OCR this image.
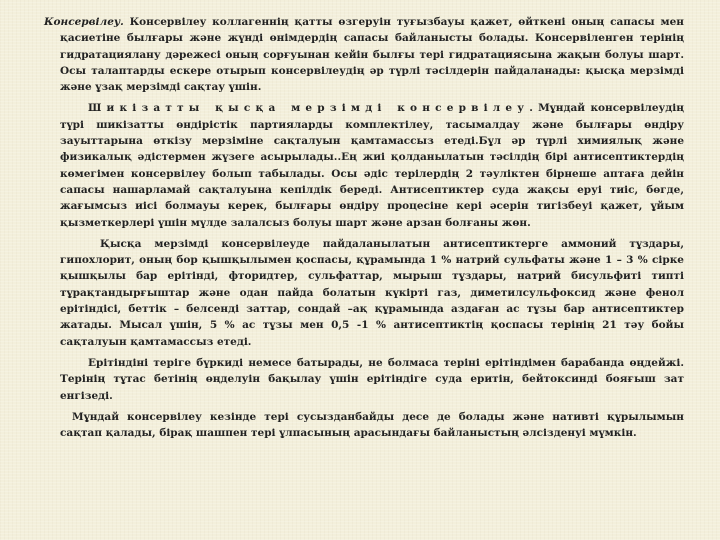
Консервілеу. Консервілеу коллагеннің қатты өзгеруін туғызбауы қажет, өйткені оның сапасы мен қасиетіне былғары және жүнді өнімдердің сапасы байланысты болады. Консервіленген терінің гидратациялану дәрежесі оның сорғуынан кейін былғы тері гидратациясына жақын болуы шарт. Осы талаптарды ескере отырып консервілеудің әр түрлі тәсілдерін пайдаланады: қысқа мерзімді және ұзақ мерзімді сақтау үшін.

Шикізатты қысқа мерзімді консервілеу.Мұндай консервілеудің түрі шикізатты өндірістік партияларды комплектілеу, тасымалдау және былғары өндіру зауыттарына өткізу мерзіміне сақталуын қамтамассыз етеді.Бұл әр түрлі химиялық және физикалық әдістермен жүзеге асырылады..Ең жиі қолданылатын тәсілдің бірі антисептиктердің көмегімен консервілеу болып табылады. Осы әдіс терілердің 2 тәуліктен бірнеше аптаға дейін сапасы нашарламай сақталуына кепілдік береді. Антисептиктер суда жақсы еруі тиіс, бөгде, жағымсыз иісі болмауы керек, былғары өндіру процесіне кері әсерін тигізбеуі қажет, ұйым қызметкерлері үшін мүлде залалсыз болуы шарт және арзан болғаны жөн.

Қысқа мерзімді консервілеуде пайдаланылатын антисептиктерге аммоний тұздары, гипохлорит, оның бор қышқылымен қоспасы, құрамында 1 % натрий сульфаты және 1 – 3 % сірке қышқылы бар ерітінді, фторидтер, сульфаттар, мырыш тұздары, натрий бисульфиті типті тұрақтандырғыштар және одан пайда болатын күкірті газ, диметилсульфоксид және фенол ерітіндісі, беттік – белсенді заттар, сондай –ақ құрамында аздаған ас тұзы бар антисептиктер жатады. Мысал үшін, 5 % ас тұзы мен 0,5 -1 % антисептиктің қоспасы терінің 21 тәу бойы сақталуын қамтамассыз етеді.

Ерітіндіні теріге бүркиді немесе батырады, не болмаса теріні ерітіндімен барабанда өңдейжі. Терінің тұтас бетінің өңделуін бақылау үшін ерітіндіге суда еритін, бейтоксинді бояғыш зат енгізеді.

Мұндай консервілеу кезінде тері сусызданбайды десе де болады және нативті құрылымын сақтап қалады, бірақ шашпен тері ұлпасының арасындағы байланыстың әлсізденуі мүмкін.
